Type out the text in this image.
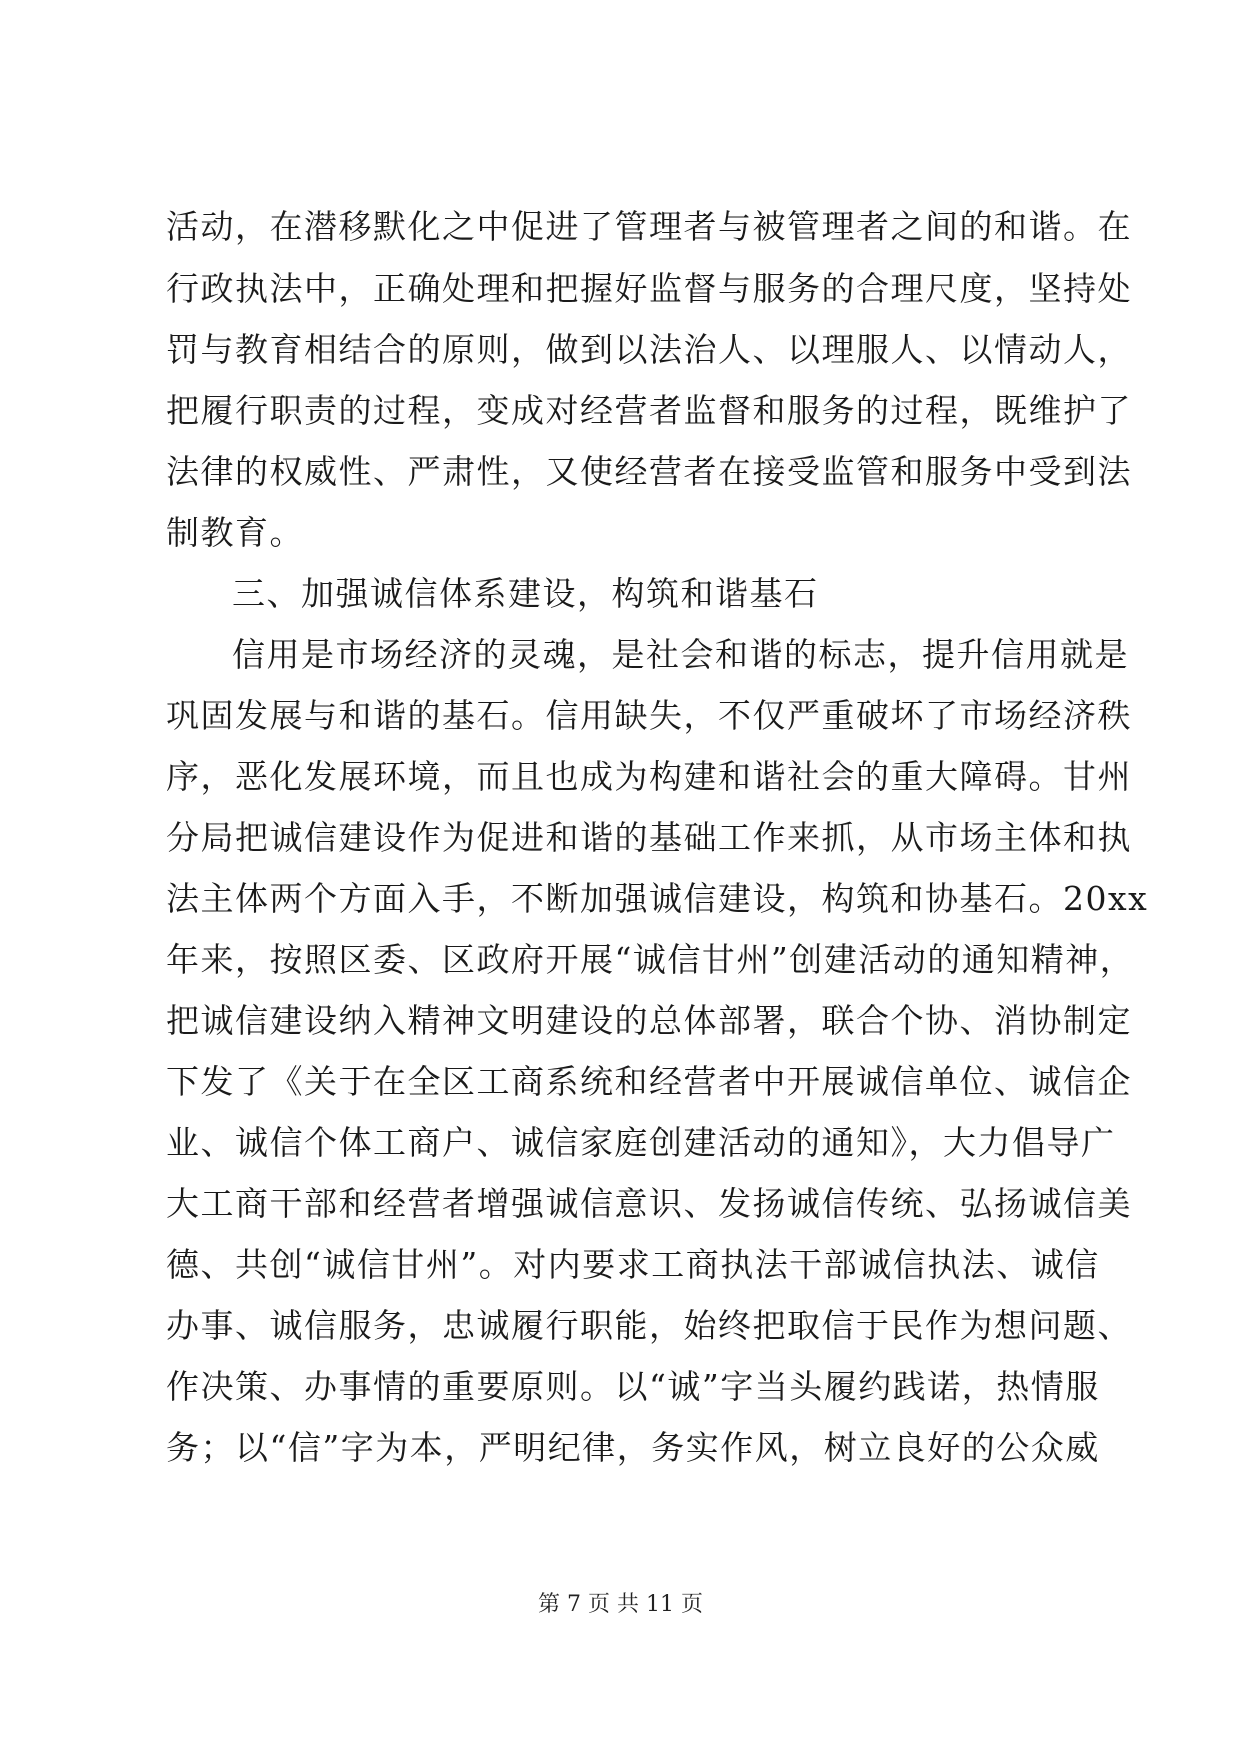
活动，在潜移默化之中促进了管理者与被管理者之间的和谐。在
行政执法中，正确处理和把握好监督与服务的合理尺度，坚持处
罚与教育相结合的原则，做到以法治人、以理服人、以情动人，
把履行职责的过程，变成对经营者监督和服务的过程，既维护了
法律的权威性、严肃性，又使经营者在接受监管和服务中受到法
制教育。
三、加强诚信体系建设，构筑和谐基石
信用是市场经济的灵魂，是社会和谐的标志，提升信用就是
巩固发展与和谐的基石。信用缺失，不仅严重破坏了市场经济秩
序，恶化发展环境，而且也成为构建和谐社会的重大障碍。甘州
分局把诚信建设作为促进和谐的基础工作来抓，从市场主体和执
法主体两个方面入手，不断加强诚信建设，构筑和协基石。20xx
年来，按照区委、区政府开展“诚信甘州”创建活动的通知精神，
把诚信建设纳入精神文明建设的总体部署，联合个协、消协制定
下发了《关于在全区工商系统和经营者中开展诚信单位、诚信企
业、诚信个体工商户、诚信家庭创建活动的通知》，大力倡导广
大工商干部和经营者增强诚信意识、发扬诚信传统、弘扬诚信美
德、共创“诚信甘州”。对内要求工商执法干部诚信执法、诚信
办事、诚信服务，忠诚履行职能，始终把取信于民作为想问题、
作决策、办事情的重要原则。以“诚”字当头履约践诺，热情服
务；以“信”字为本，严明纪律，务实作风，树立良好的公众威
第 7 页 共 11 页
